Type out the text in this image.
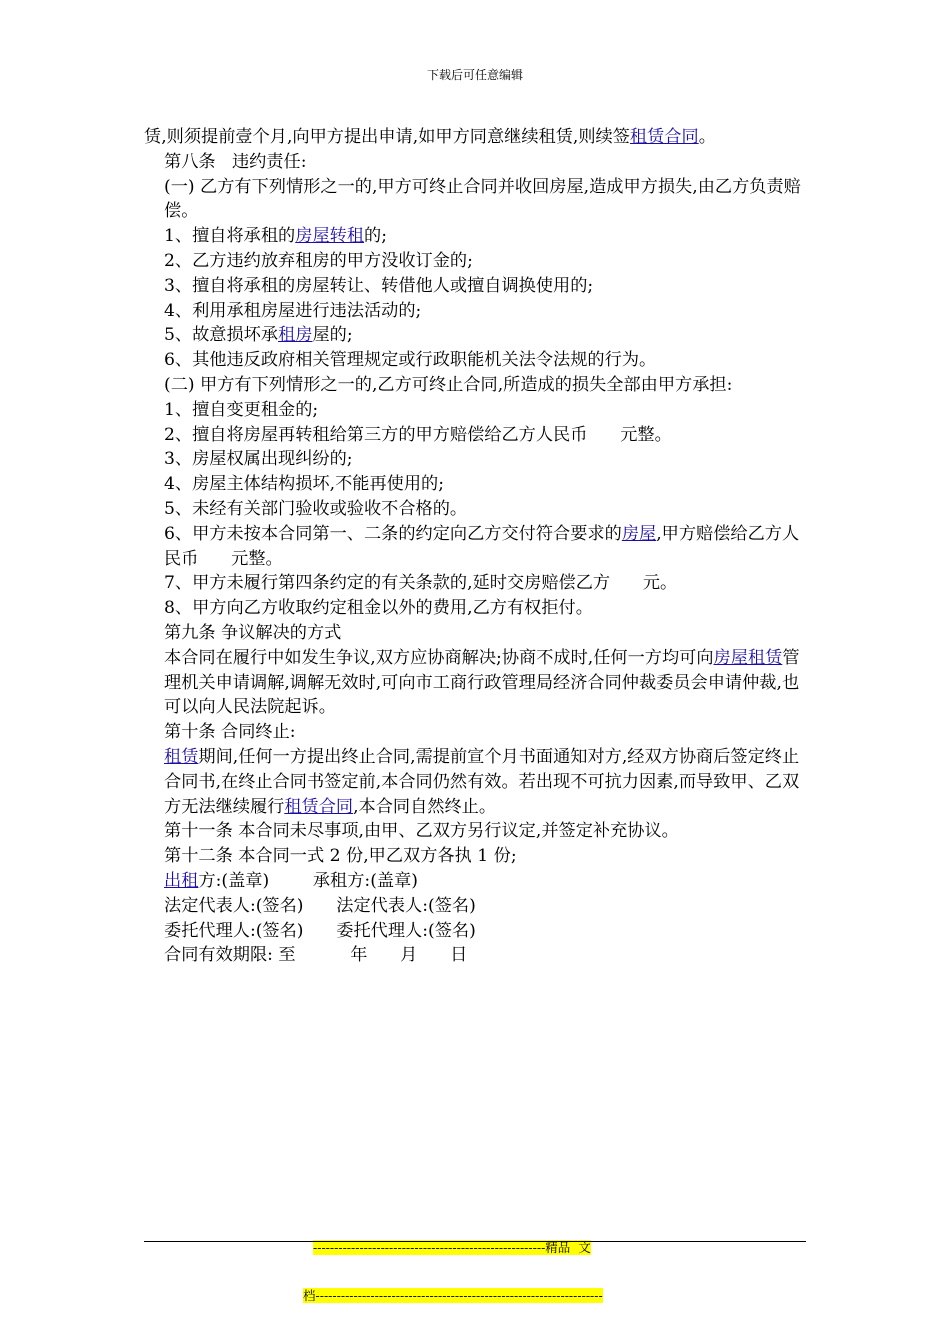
下载后可任意编辑

赁,则须提前壹个月,向甲方提出申请,如甲方同意继续租赁,则续签租赁合同。

第八条   违约责任:

(一) 乙方有下列情形之一的,甲方可终止合同并收回房屋,造成甲方损失,由乙方负责赔偿。

1、擅自将承租的房屋转租的;

2、乙方违约放弃租房的甲方没收订金的;

3、擅自将承租的房屋转让、转借他人或擅自调换使用的;

4、利用承租房屋进行违法活动的;

5、故意损坏承租房屋的;

6、其他违反政府相关管理规定或行政职能机关法令法规的行为。

(二) 甲方有下列情形之一的,乙方可终止合同,所造成的损失全部由甲方承担:

1、擅自变更租金的;

2、擅自将房屋再转租给第三方的甲方赔偿给乙方人民币      元整。

3、房屋权属出现纠纷的;

4、房屋主体结构损坏,不能再使用的;

5、未经有关部门验收或验收不合格的。

6、甲方未按本合同第一、二条的约定向乙方交付符合要求的房屋,甲方赔偿给乙方人民币      元整。

7、甲方未履行第四条约定的有关条款的,延时交房赔偿乙方      元。

8、甲方向乙方收取约定租金以外的费用,乙方有权拒付。

第九条 争议解决的方式

本合同在履行中如发生争议,双方应协商解决;协商不成时,任何一方均可向房屋租赁管理机关申请调解,调解无效时,可向市工商行政管理局经济合同仲裁委员会申请仲裁,也可以向人民法院起诉。

第十条 合同终止:

租赁期间,任何一方提出终止合同,需提前宣个月书面通知对方,经双方协商后签定终止合同书,在终止合同书签定前,本合同仍然有效。若出现不可抗力因素,而导致甲、乙双方无法继续履行租赁合同,本合同自然终止。

第十一条 本合同未尽事项,由甲、乙双方另行议定,并签定补充协议。

第十二条 本合同一式 2 份,甲乙双方各执 1 份;

出租方:(盖章)        承租方:(盖章)

法定代表人:(签名)      法定代表人:(签名)

委托代理人:(签名)      委托代理人:(签名)

合同有效期限: 至          年      月      日

-------------------------------------------------------精品  文

档--------------------------------------------------------------------
